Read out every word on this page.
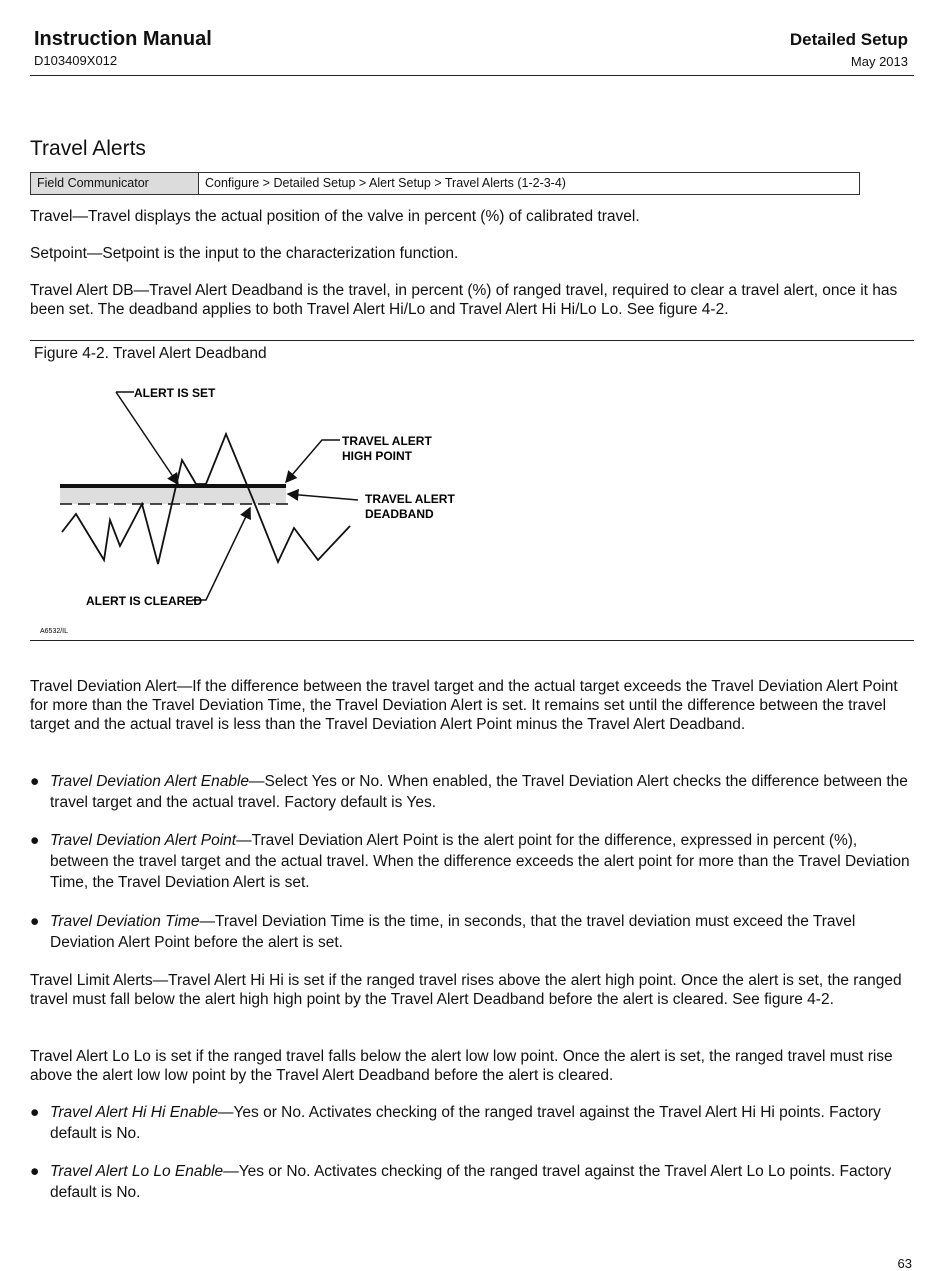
Instruction Manual
D103409X012
Detailed Setup
May 2013
Travel Alerts
Field Communicator	Configure > Detailed Setup > Alert Setup > Travel Alerts (1-2-3-4)
Travel—Travel displays the actual position of the valve in percent (%) of calibrated travel.
Setpoint—Setpoint is the input to the characterization function.
Travel Alert DB—Travel Alert Deadband is the travel, in percent (%) of ranged travel, required to clear a travel alert, once it has been set. The deadband applies to both Travel Alert Hi/Lo and Travel Alert Hi Hi/Lo Lo. See figure 4-2.
Figure 4-2. Travel Alert Deadband
ALERT IS SET
TRAVEL ALERT
HIGH POINT
TRAVEL ALERT
DEADBAND
ALERT IS CLEARED
A6532/IL
Travel Deviation Alert—If the difference between the travel target and the actual target exceeds the Travel Deviation Alert Point for more than the Travel Deviation Time, the Travel Deviation Alert is set. It remains set until the difference between the travel target and the actual travel is less than the Travel Deviation Alert Point minus the Travel Alert Deadband.
● Travel Deviation Alert Enable—Select Yes or No. When enabled, the Travel Deviation Alert checks the difference between the travel target and the actual travel. Factory default is Yes.
● Travel Deviation Alert Point—Travel Deviation Alert Point is the alert point for the difference, expressed in percent (%), between the travel target and the actual travel. When the difference exceeds the alert point for more than the Travel Deviation Time, the Travel Deviation Alert is set.
● Travel Deviation Time—Travel Deviation Time is the time, in seconds, that the travel deviation must exceed the Travel Deviation Alert Point before the alert is set.
Travel Limit Alerts—Travel Alert Hi Hi is set if the ranged travel rises above the alert high point. Once the alert is set, the ranged travel must fall below the alert high high point by the Travel Alert Deadband before the alert is cleared. See figure 4-2.
Travel Alert Lo Lo is set if the ranged travel falls below the alert low low point. Once the alert is set, the ranged travel must rise above the alert low low point by the Travel Alert Deadband before the alert is cleared.
● Travel Alert Hi Hi Enable—Yes or No. Activates checking of the ranged travel against the Travel Alert Hi Hi points. Factory default is No.
● Travel Alert Lo Lo Enable—Yes or No. Activates checking of the ranged travel against the Travel Alert Lo Lo points. Factory default is No.
63
